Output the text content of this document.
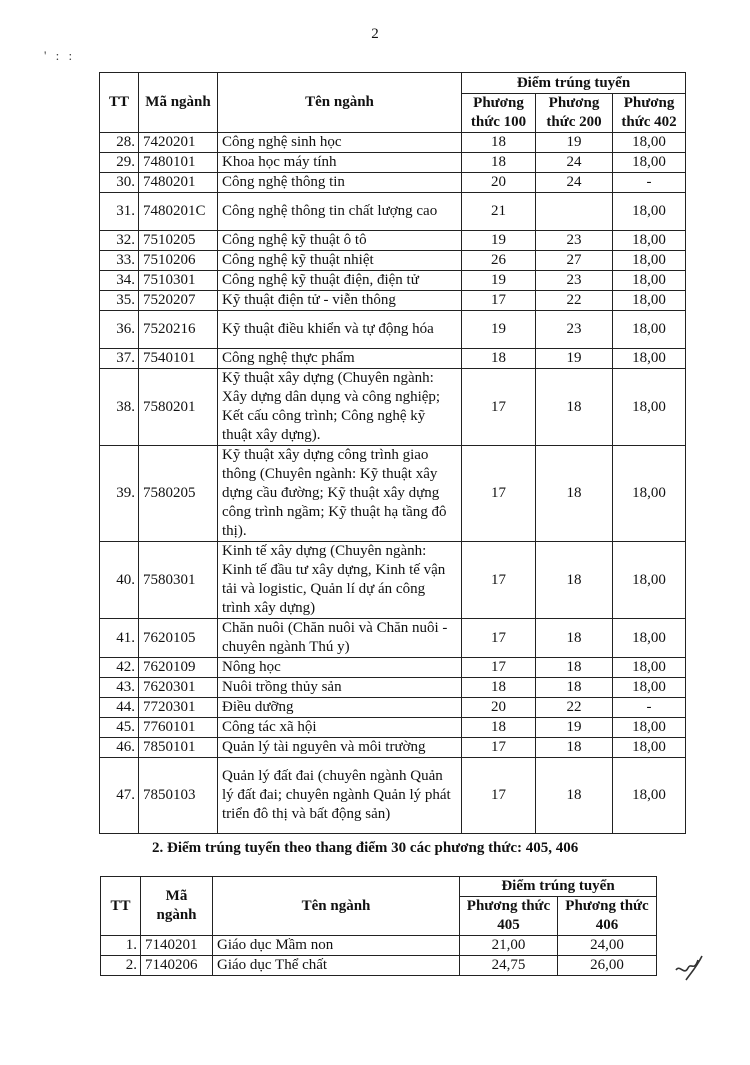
2
' : :
TT	Mã ngành	Tên ngành	Điểm trúng tuyển		
			Phương thức 100	Phương thức 200	Phương thức 402
28.	7420201	Công nghệ sinh học	18	19	18,00
29.	7480101	Khoa học máy tính	18	24	18,00
30.	7480201	Công nghệ thông tin	20	24	-
31.	7480201C	Công nghệ thông tin chất lượng cao	21		18,00
32.	7510205	Công nghệ kỹ thuật ô tô	19	23	18,00
33.	7510206	Công nghệ kỹ thuật nhiệt	26	27	18,00
34.	7510301	Công nghệ kỹ thuật điện, điện tử	19	23	18,00
35.	7520207	Kỹ thuật điện tử - viễn thông	17	22	18,00
36.	7520216	Kỹ thuật điều khiển và tự động hóa	19	23	18,00
37.	7540101	Công nghệ thực phẩm	18	19	18,00
38.	7580201	Kỹ thuật xây dựng (Chuyên ngành: Xây dựng dân dụng và công nghiệp; Kết cấu công trình; Công nghệ kỹ thuật xây dựng).	17	18	18,00
39.	7580205	Kỹ thuật xây dựng công trình giao thông (Chuyên ngành: Kỹ thuật xây dựng cầu đường; Kỹ thuật xây dựng công trình ngầm; Kỹ thuật hạ tầng đô thị).	17	18	18,00
40.	7580301	Kinh tế xây dựng (Chuyên ngành: Kinh tế đầu tư xây dựng, Kinh tế vận tải và logistic, Quản lí dự án công trình xây dựng)	17	18	18,00
41.	7620105	Chăn nuôi (Chăn nuôi và Chăn nuôi - chuyên ngành Thú y)	17	18	18,00
42.	7620109	Nông học	17	18	18,00
43.	7620301	Nuôi trồng thủy sản	18	18	18,00
44.	7720301	Điều dưỡng	20	22	-
45.	7760101	Công tác xã hội	18	19	18,00
46.	7850101	Quản lý tài nguyên và môi trường	17	18	18,00
47.	7850103	Quản lý đất đai (chuyên ngành Quản lý đất đai; chuyên ngành Quản lý phát triển đô thị và bất động sản)	17	18	18,00
2. Điểm trúng tuyển theo thang điểm 30 các phương thức: 405, 406
TT	Mã ngành	Tên ngành	Điểm trúng tuyển	
			Phương thức 405	Phương thức 406
1.	7140201	Giáo dục Mầm non	21,00	24,00
2.	7140206	Giáo dục Thể chất	24,75	26,00
